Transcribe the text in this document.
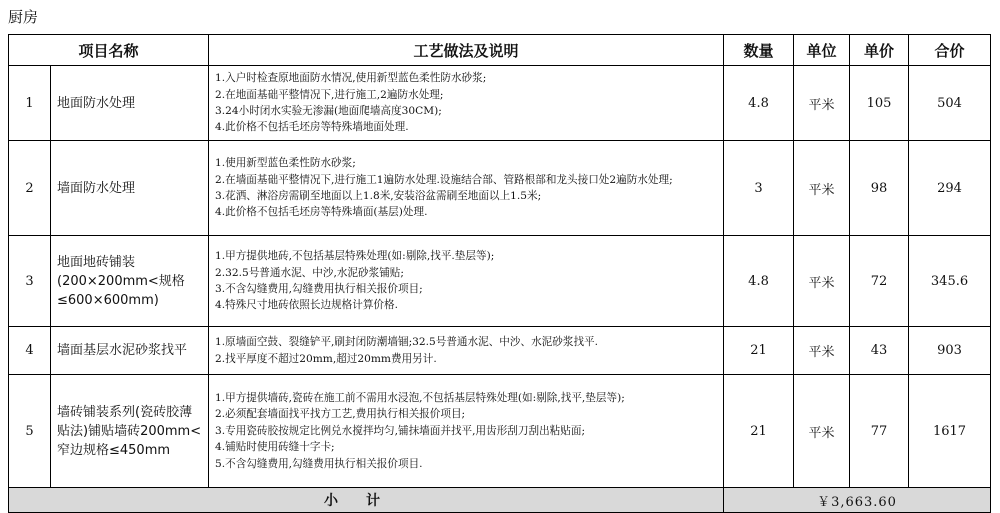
厨房
项目名称		工艺做法及说明	数量	单位	单价	合价
1	地面防水处理	1.入户时检查原地面防水情况,使用新型蓝色柔性防水砂浆;
2.在地面基础平整情况下,进行施工,2遍防水处理;
3.24小时闭水实验无渗漏(地面爬墙高度30CM);
4.此价格不包括毛坯房等特殊墙地面处理.	4.8	平米	105	504
2	墙面防水处理	1.使用新型蓝色柔性防水砂浆;
2.在墙面基础平整情况下,进行施工1遍防水处理.设施结合部、管路根部和龙头接口处2遍防水处理;
3.花洒、淋浴房需刷至地面以上1.8米,安装浴盆需刷至地面以上1.5米;
4.此价格不包括毛坯房等特殊墙面(基层)处理.	3	平米	98	294
3	地面地砖铺装(200×200mm<规格≤600×600mm)	1.甲方提供地砖,不包括基层特殊处理(如:剔除,找平.垫层等);
2.32.5号普通水泥、中沙,水泥砂浆铺贴;
3.不含勾缝费用,勾缝费用执行相关报价项目;
4.特殊尺寸地砖依照长边规格计算价格.	4.8	平米	72	345.6
4	墙面基层水泥砂浆找平	1.原墙面空鼓、裂缝铲平,刷封闭防潮墙锢;32.5号普通水泥、中沙、水泥砂浆找平.
2.找平厚度不超过20mm,超过20mm费用另计.	21	平米	43	903
5	墙砖铺装系列(瓷砖胶薄贴法)铺贴墙砖200mm<窄边规格≤450mm	1.甲方提供墙砖,瓷砖在施工前不需用水浸泡,不包括基层特殊处理(如:剔除,找平,垫层等);
2.必须配套墙面找平找方工艺,费用执行相关报价项目;
3.专用瓷砖胶按规定比例兑水搅拌均匀,铺抹墙面并找平,用齿形刮刀刮出粘贴面;
4.铺贴时使用砖缝十字卡;
5.不含勾缝费用,勾缝费用执行相关报价项目.	21	平米	77	1617
小计			￥3,663.60			
